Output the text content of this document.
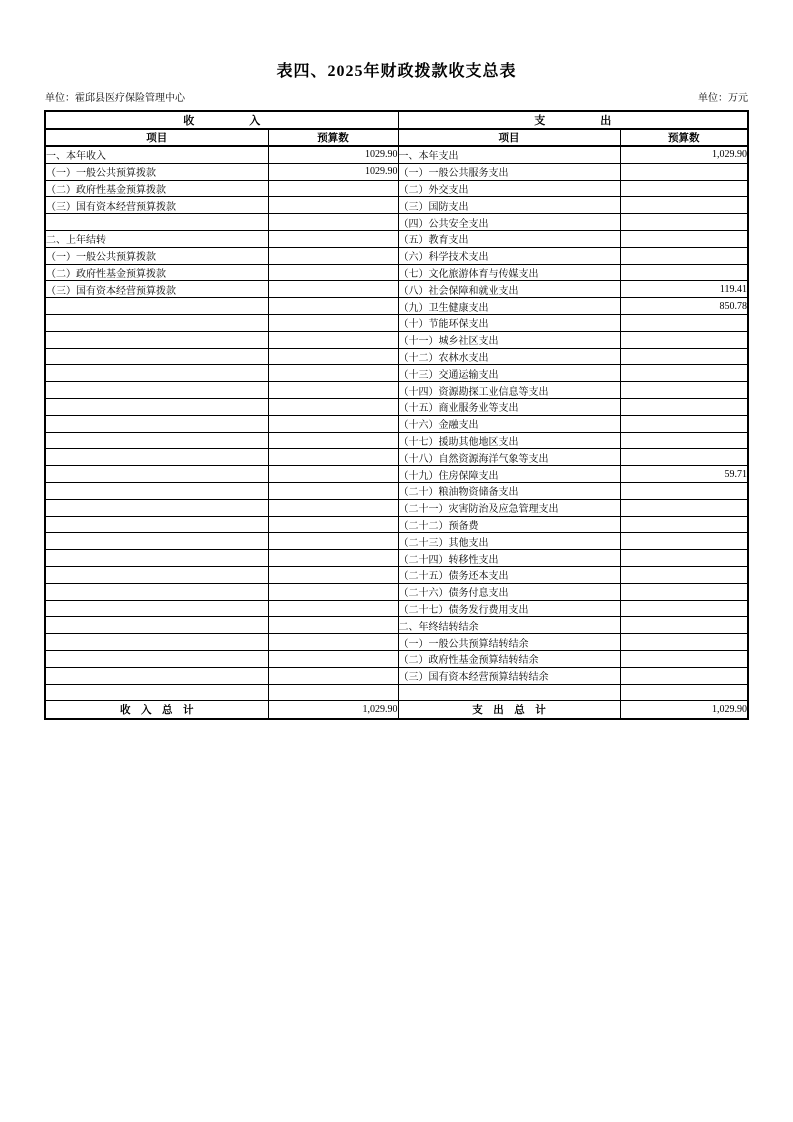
表四、2025年财政拨款收支总表
单位：霍邱县医疗保险管理中心	单位：万元
收　　　　　入		支　　　　　出	
项目	预算数	项目	预算数
一、本年收入	1029.90	一、本年支出	1,029.90
（一）一般公共预算拨款	1029.90	（一）一般公共服务支出	
（二）政府性基金预算拨款		（二）外交支出	
（三）国有资本经营预算拨款		（三）国防支出	
		（四）公共安全支出	
二、上年结转		（五）教育支出	
（一）一般公共预算拨款		（六）科学技术支出	
（二）政府性基金预算拨款		（七）文化旅游体育与传媒支出	
（三）国有资本经营预算拨款		（八）社会保障和就业支出	119.41
		（九）卫生健康支出	850.78
		（十）节能环保支出	
		（十一）城乡社区支出	
		（十二）农林水支出	
		（十三）交通运输支出	
		（十四）资源勘探工业信息等支出	
		（十五）商业服务业等支出	
		（十六）金融支出	
		（十七）援助其他地区支出	
		（十八）自然资源海洋气象等支出	
		（十九）住房保障支出	59.71
		（二十）粮油物资储备支出	
		（二十一）灾害防治及应急管理支出	
		（二十二）预备费	
		（二十三）其他支出	
		（二十四）转移性支出	
		（二十五）债务还本支出	
		（二十六）债务付息支出	
		（二十七）债务发行费用支出	
		二、年终结转结余	
		（一）一般公共预算结转结余	
		（二）政府性基金预算结转结余	
		（三）国有资本经营预算结转结余	

收　入　总　计	1,029.90	支　出　总　计	1,029.90
